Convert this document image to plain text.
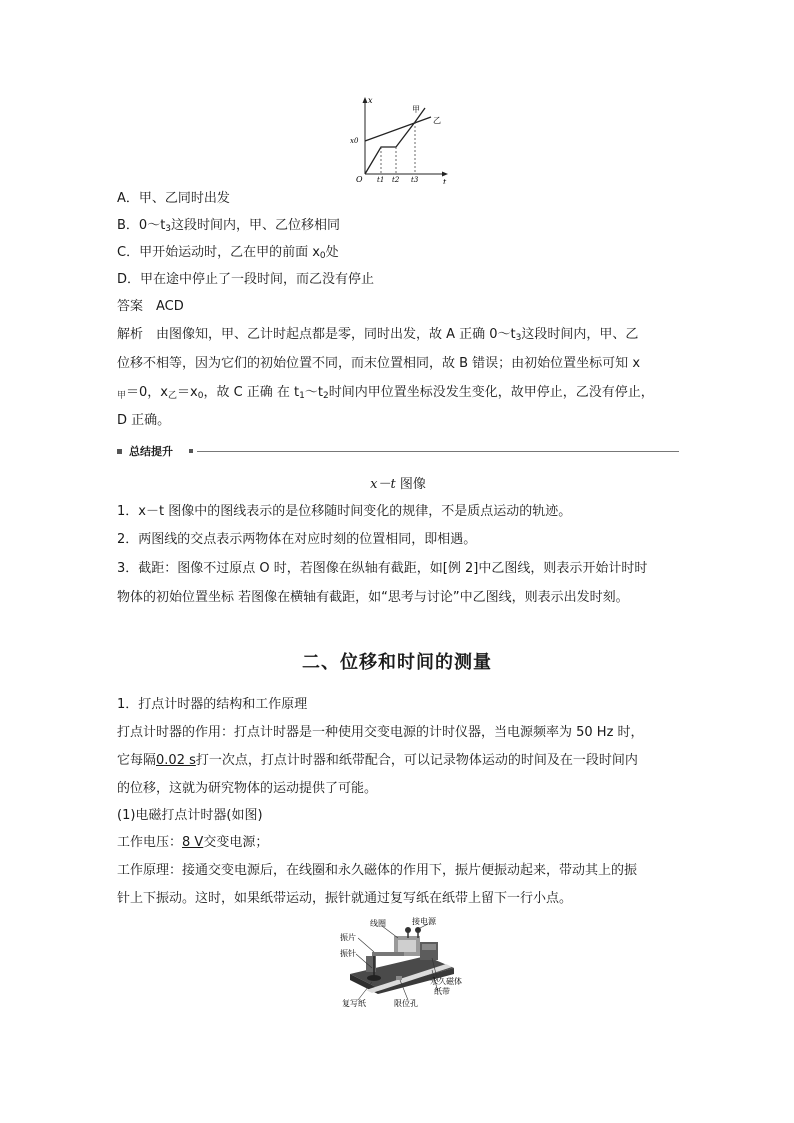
x
t
O
x0
甲
乙
t1 t2 t3
A．甲、乙同时出发
B．$0\sim t_3$这段时间内，甲、乙位移相同
C．甲开始运动时，乙在甲的前面 $x_0$处
D．甲在途中停止了一段时间，而乙没有停止
答案　ACD
解析　由图像知，甲、乙计时起点都是零，同时出发，故 A 正确 $0\sim t_3$这段时间内，甲、乙
位移不相等，因为它们的初始位置不同，而末位置相同，故 B 错误；由初始位置坐标可知 x
$_甲$＝0，$x_乙=x_0$，故 C 正确 在 $t_1\sim t_2$时间内甲位置坐标没发生变化，故甲停止，乙没有停止，
D 正确。
总结提升
x－t 图像
1．x－t 图像中的图线表示的是位移随时间变化的规律，不是质点运动的轨迹。
2．两图线的交点表示两物体在对应时刻的位置相同，即相遇。
3．截距：图像不过原点 O 时，若图像在纵轴有截距，如[例 2]中乙图线，则表示开始计时时
物体的初始位置坐标 若图像在横轴有截距，如“思考与讨论”中乙图线，则表示出发时刻。
二、位移和时间的测量
1．打点计时器的结构和工作原理
打点计时器的作用：打点计时器是一种使用交变电源的计时仪器，当电源频率为 50 Hz 时，
它每隔0.02 s打一次点，打点计时器和纸带配合，可以记录物体运动的时间及在一段时间内
的位移，这就为研究物体的运动提供了可能。
(1)电磁打点计时器(如图)
工作电压：8 V交变电源；
工作原理：接通交变电源后，在线圈和永久磁体的作用下，振片便振动起来，带动其上的振
针上下振动。这时，如果纸带运动，振针就通过复写纸在纸带上留下一行小点。
线圈	接电源
振片
振针
永久磁体
纸带
复写纸	限位孔
